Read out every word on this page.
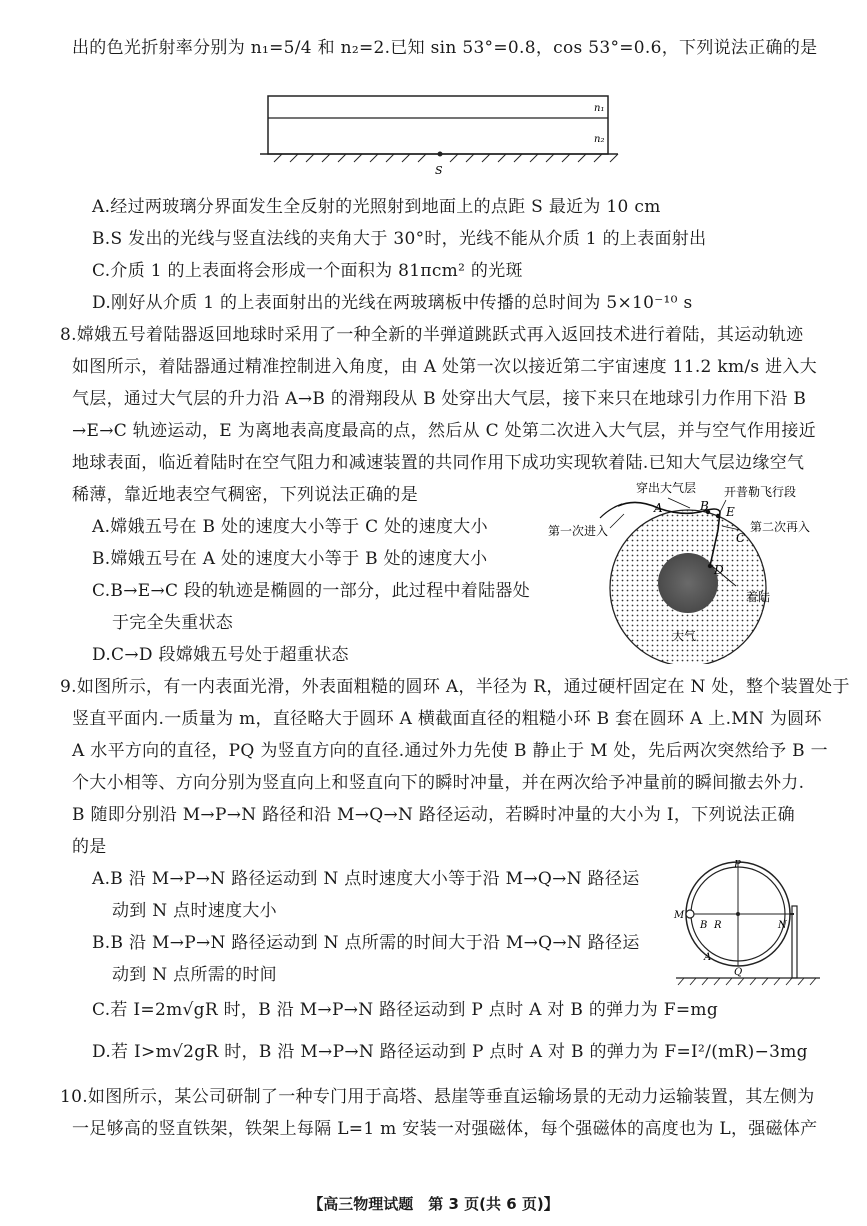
出的色光折射率分别为 n₁=5/4 和 n₂=2.已知 sin 53°=0.8，cos 53°=0.6，下列说法正确的是
n₁
n₂
S
A.经过两玻璃分界面发生全反射的光照射到地面上的点距 S 最近为 10 cm
B.S 发出的光线与竖直法线的夹角大于 30°时，光线不能从介质 1 的上表面射出
C.介质 1 的上表面将会形成一个面积为 81πcm² 的光斑
D.刚好从介质 1 的上表面射出的光线在两玻璃板中传播的总时间为 5×10⁻¹⁰ s
8.嫦娥五号着陆器返回地球时采用了一种全新的半弹道跳跃式再入返回技术进行着陆，其运动轨迹
如图所示，着陆器通过精准控制进入角度，由 A 处第一次以接近第二宇宙速度 11.2 km/s 进入大
气层，通过大气层的升力沿 A→B 的滑翔段从 B 处穿出大气层，接下来只在地球引力作用下沿 B
→E→C 轨迹运动，E 为离地表高度最高的点，然后从 C 处第二次进入大气层，并与空气作用接近
地球表面，临近着陆时在空气阻力和减速装置的共同作用下成功实现软着陆.已知大气层边缘空气
稀薄，靠近地表空气稠密，下列说法正确的是
A.嫦娥五号在 B 处的速度大小等于 C 处的速度大小
B.嫦娥五号在 A 处的速度大小等于 B 处的速度大小
C.B→E→C 段的轨迹是椭圆的一部分，此过程中着陆器处
于完全失重状态
D.C→D 段嫦娥五号处于超重状态
穿出大气层 开普勒飞行段
第一次进入	第二次再入
着陆
大气
A	B E
C
D
9.如图所示，有一内表面光滑，外表面粗糙的圆环 A，半径为 R，通过硬杆固定在 N 处，整个装置处于
竖直平面内.一质量为 m，直径略大于圆环 A 横截面直径的粗糙小环 B 套在圆环 A 上.MN 为圆环
A 水平方向的直径，PQ 为竖直方向的直径.通过外力先使 B 静止于 M 处，先后两次突然给予 B 一
个大小相等、方向分别为竖直向上和竖直向下的瞬时冲量，并在两次给予冲量前的瞬间撤去外力.
B 随即分别沿 M→P→N 路径和沿 M→Q→N 路径运动，若瞬时冲量的大小为 I，下列说法正确
的是
A.B 沿 M→P→N 路径运动到 N 点时速度大小等于沿 M→Q→N 路径运
动到 N 点时速度大小
B.B 沿 M→P→N 路径运动到 N 点所需的时间大于沿 M→Q→N 路径运
动到 N 点所需的时间
C.若 I=2m√gR 时，B 沿 M→P→N 路径运动到 P 点时 A 对 B 的弹力为 F=mg
D.若 I>m√2gR 时，B 沿 M→P→N 路径运动到 P 点时 A 对 B 的弹力为 F=I²/(mR)−3mg
P
Q
M
N
B R
A
10.如图所示，某公司研制了一种专门用于高塔、悬崖等垂直运输场景的无动力运输装置，其左侧为
一足够高的竖直铁架，铁架上每隔 L=1 m 安装一对强磁体，每个强磁体的高度也为 L，强磁体产
【高三物理试题　第 3 页(共 6 页)】
